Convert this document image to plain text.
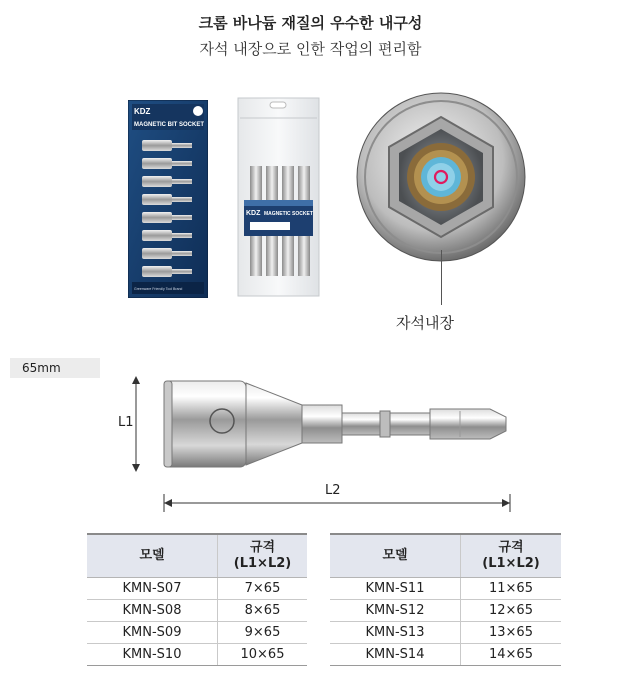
크롬 바나듐 재질의 우수한 내구성
자석 내장으로 인한 작업의 편리함
KDZ
MAGNETIC BIT SOCKET
Greenware Friendly Tool Brand
KDZ MAGNETIC SOCKET
자석내장
65mm
L1
L2
모델	규격
(L1×L2)
KMN-S07	7×65
KMN-S08	8×65
KMN-S09	9×65
KMN-S10	10×65
모델	규격
(L1×L2)
KMN-S11	11×65
KMN-S12	12×65
KMN-S13	13×65
KMN-S14	14×65
